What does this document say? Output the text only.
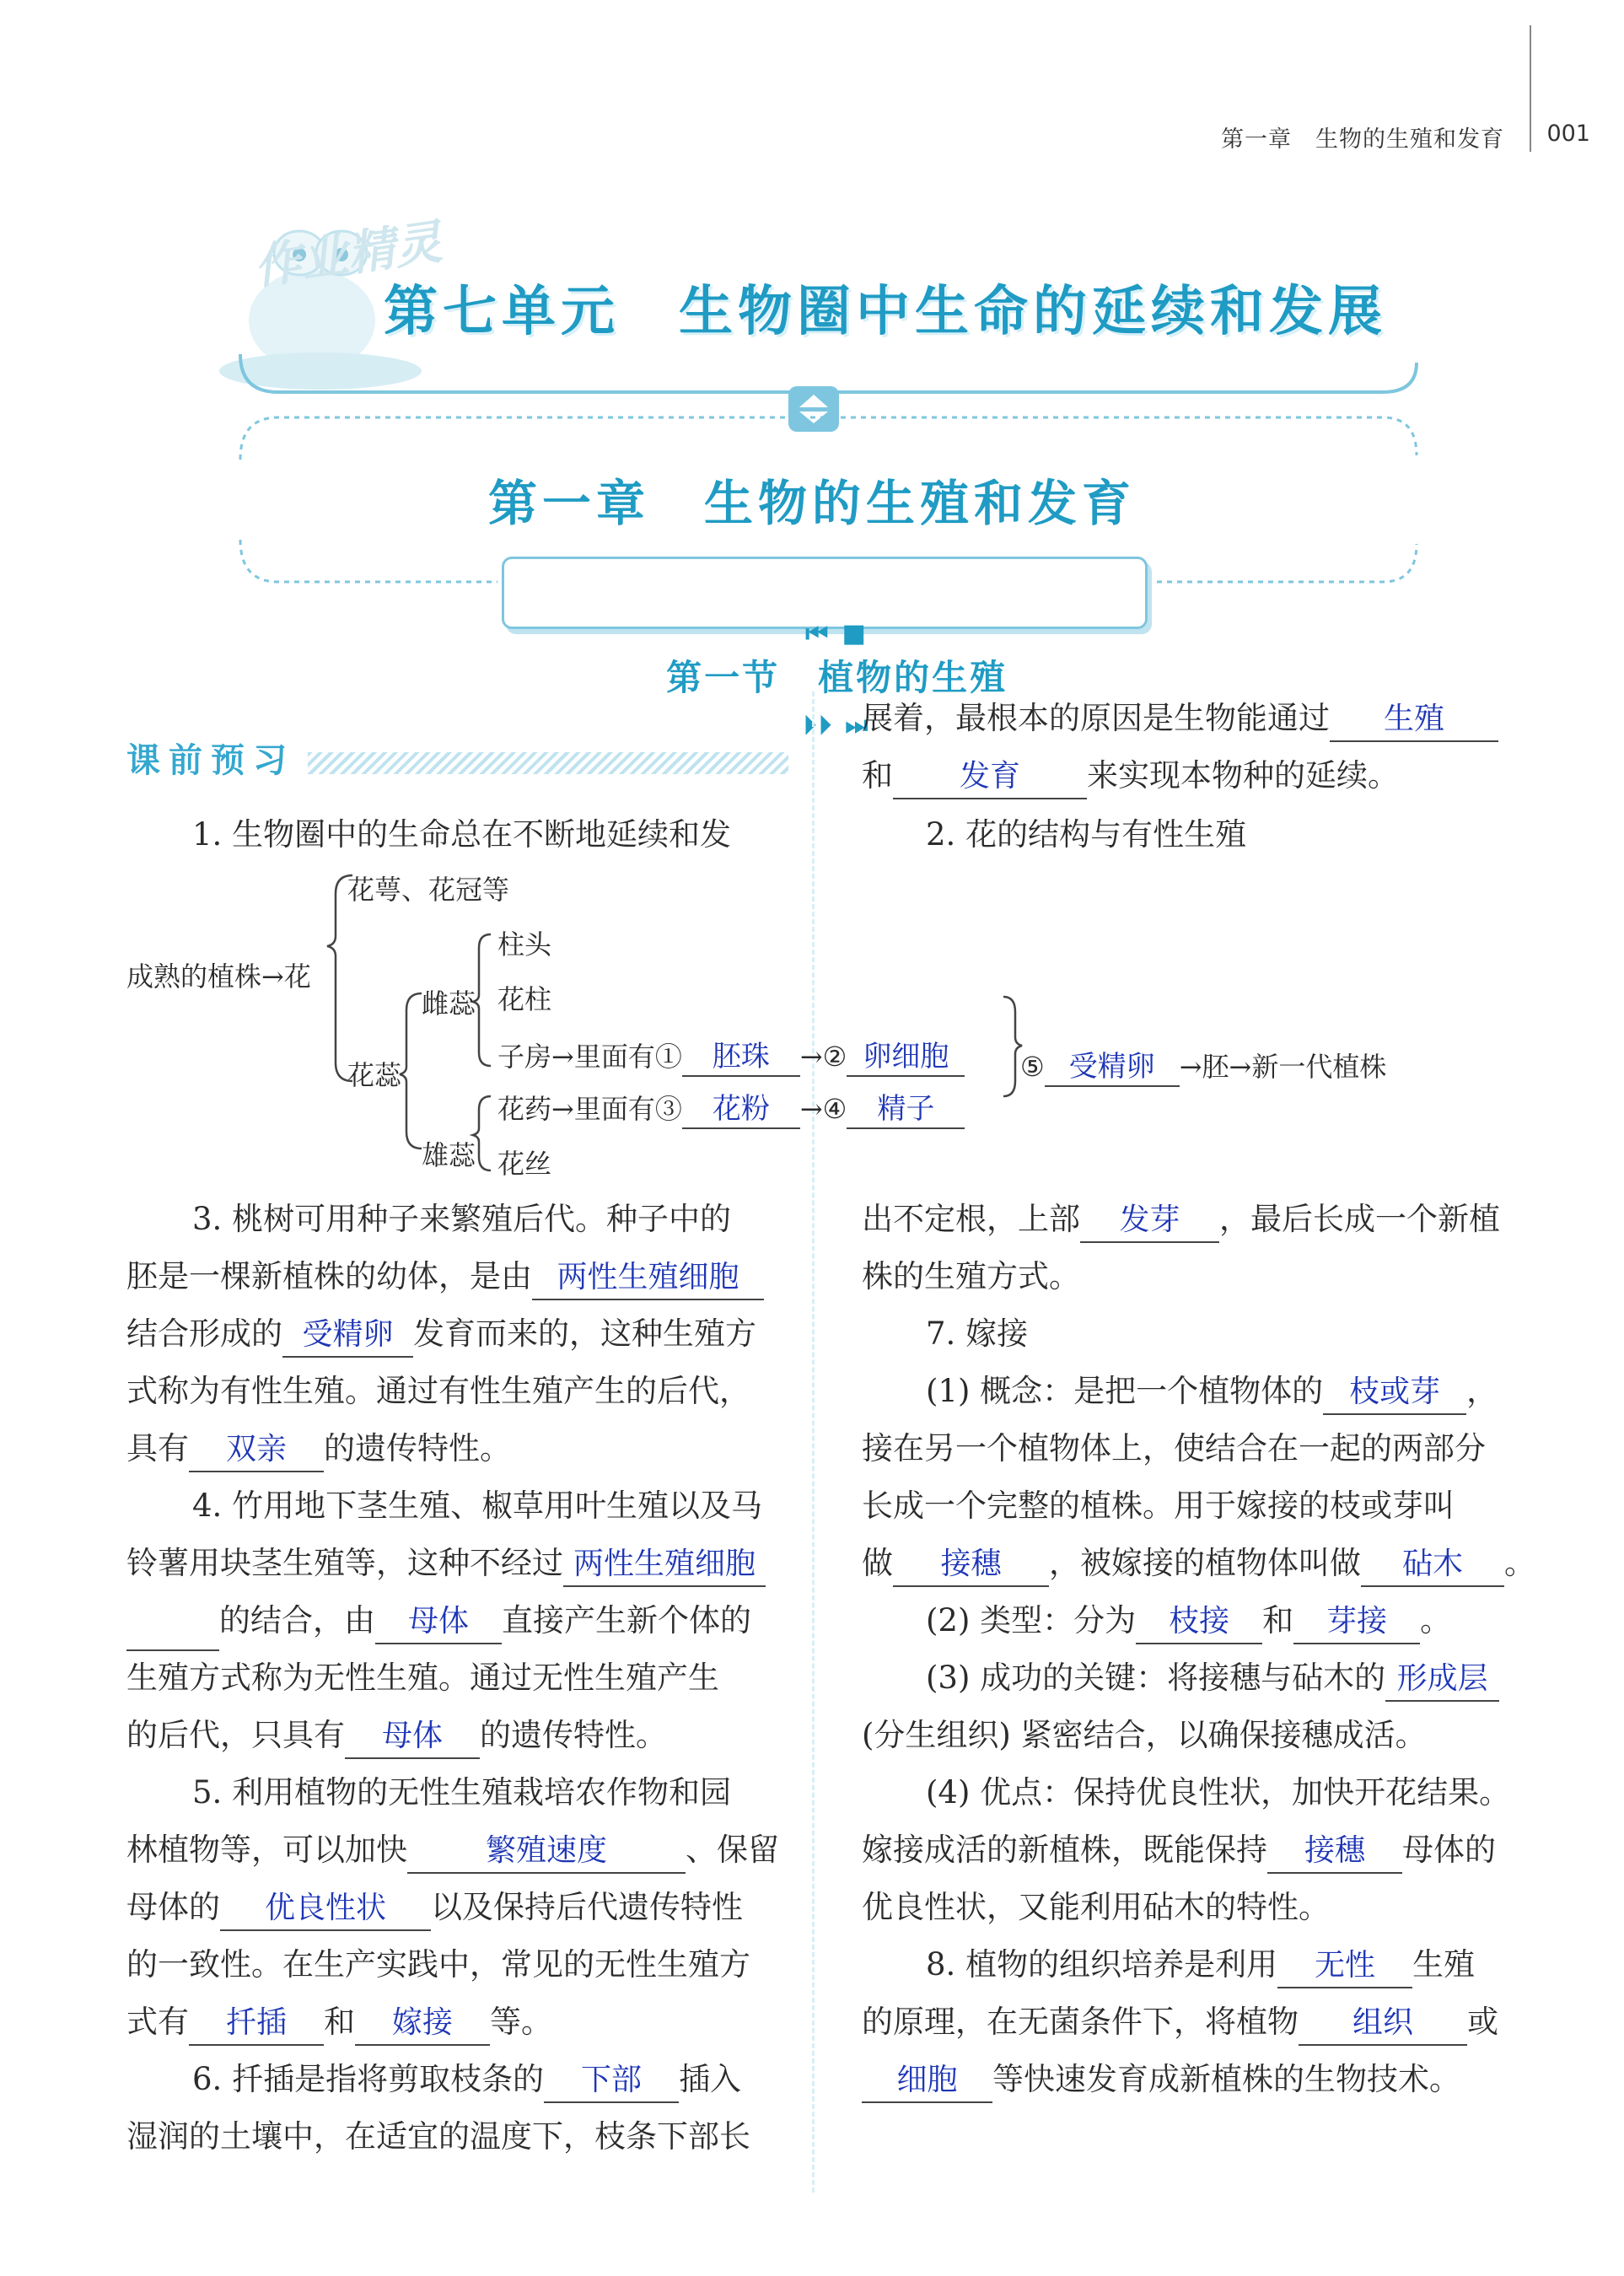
第一章　生物的生殖和发育 001
作业精灵
第七单元　生物圈中生命的延续和发展
第一章　生物的生殖和发育

⏮ ■
第一节　植物的生殖
⏵⏵ ⏭

课前预习
1. 生物圈中的生命总在不断地延续和发
展着，最根本的原因是生物能通过 生殖
和 发育 来实现本物种的延续。
2. 花的结构与有性生殖
成熟的植株→花
花萼、花冠等
花蕊
雌蕊
柱头
花柱
子房→里面有① 胚珠 →② 卵细胞
雄蕊
花药→里面有③ 花粉 →④ 精子
花丝
⑤ 受精卵 →胚→新一代植株
3. 桃树可用种子来繁殖后代。种子中的
胚是一棵新植株的幼体，是由 两性生殖细胞
结合形成的 受精卵 发育而来的，这种生殖方
式称为有性生殖。通过有性生殖产生的后代，
具有 双亲 的遗传特性。
4. 竹用地下茎生殖、椒草用叶生殖以及马
铃薯用块茎生殖等，这种不经过 两性生殖细胞
的结合，由 母体 直接产生新个体的
生殖方式称为无性生殖。通过无性生殖产生
的后代，只具有 母体 的遗传特性。
5. 利用植物的无性生殖栽培农作物和园
林植物等，可以加快	繁殖速度	、保留
母体的 优良性状 以及保持后代遗传特性
的一致性。在生产实践中，常见的无性生殖方
式有 扦插 和 嫁接 等。
6. 扦插是指将剪取枝条的 下部 插入
湿润的土壤中，在适宜的温度下，枝条下部长
出不定根，上部 发芽 ，最后长成一个新植
株的生殖方式。
7. 嫁接
(1) 概念：是把一个植物体的 枝或芽 ，
接在另一个植物体上，使结合在一起的两部分
长成一个完整的植株。用于嫁接的枝或芽叫
做 接穗 ，被嫁接的植物体叫做 砧木 。
(2) 类型：分为 枝接 和 芽接 。
(3) 成功的关键：将接穗与砧木的 形成层
(分生组织) 紧密结合，以确保接穗成活。
(4) 优点：保持优良性状，加快开花结果。
嫁接成活的新植株，既能保持 接穗 母体的
优良性状，又能利用砧木的特性。
8. 植物的组织培养是利用 无性 生殖
的原理，在无菌条件下，将植物 组织 或
细胞 等快速发育成新植株的生物技术。
